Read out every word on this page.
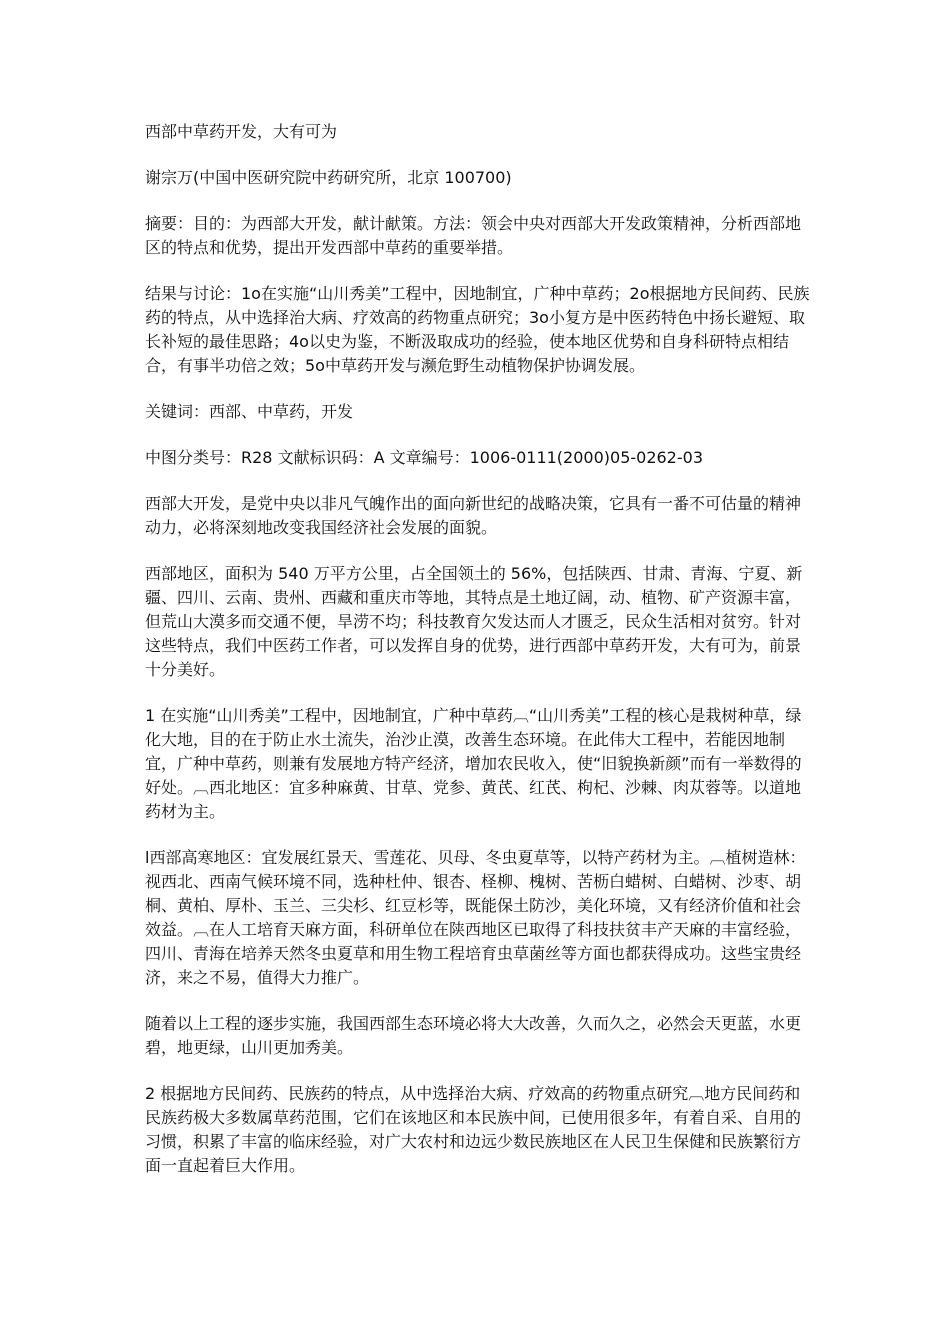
西部中草药开发，大有可为

谢宗万(中国中医研究院中药研究所，北京 100700)

摘要：目的：为西部大开发，献计献策。方法：领会中央对西部大开发政策精神，分析西部地区的特点和优势，提出开发西部中草药的重要举措。

结果与讨论：1o在实施“山川秀美”工程中，因地制宜，广种中草药；2o根据地方民间药、民族药的特点，从中选择治大病、疗效高的药物重点研究；3o小复方是中医药特色中扬长避短、取长补短的最佳思路；4o以史为鉴，不断汲取成功的经验，使本地区优势和自身科研特点相结合，有事半功倍之效；5o中草药开发与濒危野生动植物保护协调发展。

关键词：西部、中草药，开发

中图分类号：R28 文献标识码：A 文章编号：1006-0111(2000)05-0262-03

西部大开发，是党中央以非凡气魄作出的面向新世纪的战略决策，它具有一番不可估量的精神动力，必将深刻地改变我国经济社会发展的面貌。

西部地区，面积为 540 万平方公里，占全国领土的 56%，包括陕西、甘肃、青海、宁夏、新疆、四川、云南、贵州、西藏和重庆市等地，其特点是土地辽阔，动、植物、矿产资源丰富，但荒山大漠多而交通不便，旱涝不均；科技教育欠发达而人才匮乏，民众生活相对贫穷。针对这些特点，我们中医药工作者，可以发挥自身的优势，进行西部中草药开发，大有可为，前景十分美好。

1 在实施“山川秀美”工程中，因地制宜，广种中草药︹“山川秀美”工程的核心是栽树种草，绿化大地，目的在于防止水土流失，治沙止漠，改善生态环境。在此伟大工程中，若能因地制宜，广种中草药，则兼有发展地方特产经济，增加农民收入，使“旧貌换新颜”而有一举数得的好处。︹西北地区：宜多种麻黄、甘草、党参、黄芪、红芪、枸杞、沙棘、肉苁蓉等。以道地药材为主。

ⅼ西部高寒地区：宜发展红景天、雪莲花、贝母、冬虫夏草等，以特产药材为主。︹植树造林：视西北、西南气候环境不同，选种杜仲、银杏、柽柳、槐树、苦枥白蜡树、白蜡树、沙枣、胡桐、黄柏、厚朴、玉兰、三尖杉、红豆杉等，既能保土防沙，美化环境，又有经济价值和社会效益。︹在人工培育天麻方面，科研单位在陕西地区已取得了科技扶贫丰产天麻的丰富经验，四川、青海在培养天然冬虫夏草和用生物工程培育虫草菌丝等方面也都获得成功。这些宝贵经济，来之不易，值得大力推广。

随着以上工程的逐步实施，我国西部生态环境必将大大改善，久而久之，必然会天更蓝，水更碧，地更绿，山川更加秀美。

2 根据地方民间药、民族药的特点，从中选择治大病、疗效高的药物重点研究︹地方民间药和民族药极大多数属草药范围，它们在该地区和本民族中间，已使用很多年，有着自采、自用的习惯，积累了丰富的临床经验，对广大农村和边远少数民族地区在人民卫生保健和民族繁衍方面一直起着巨大作用。
